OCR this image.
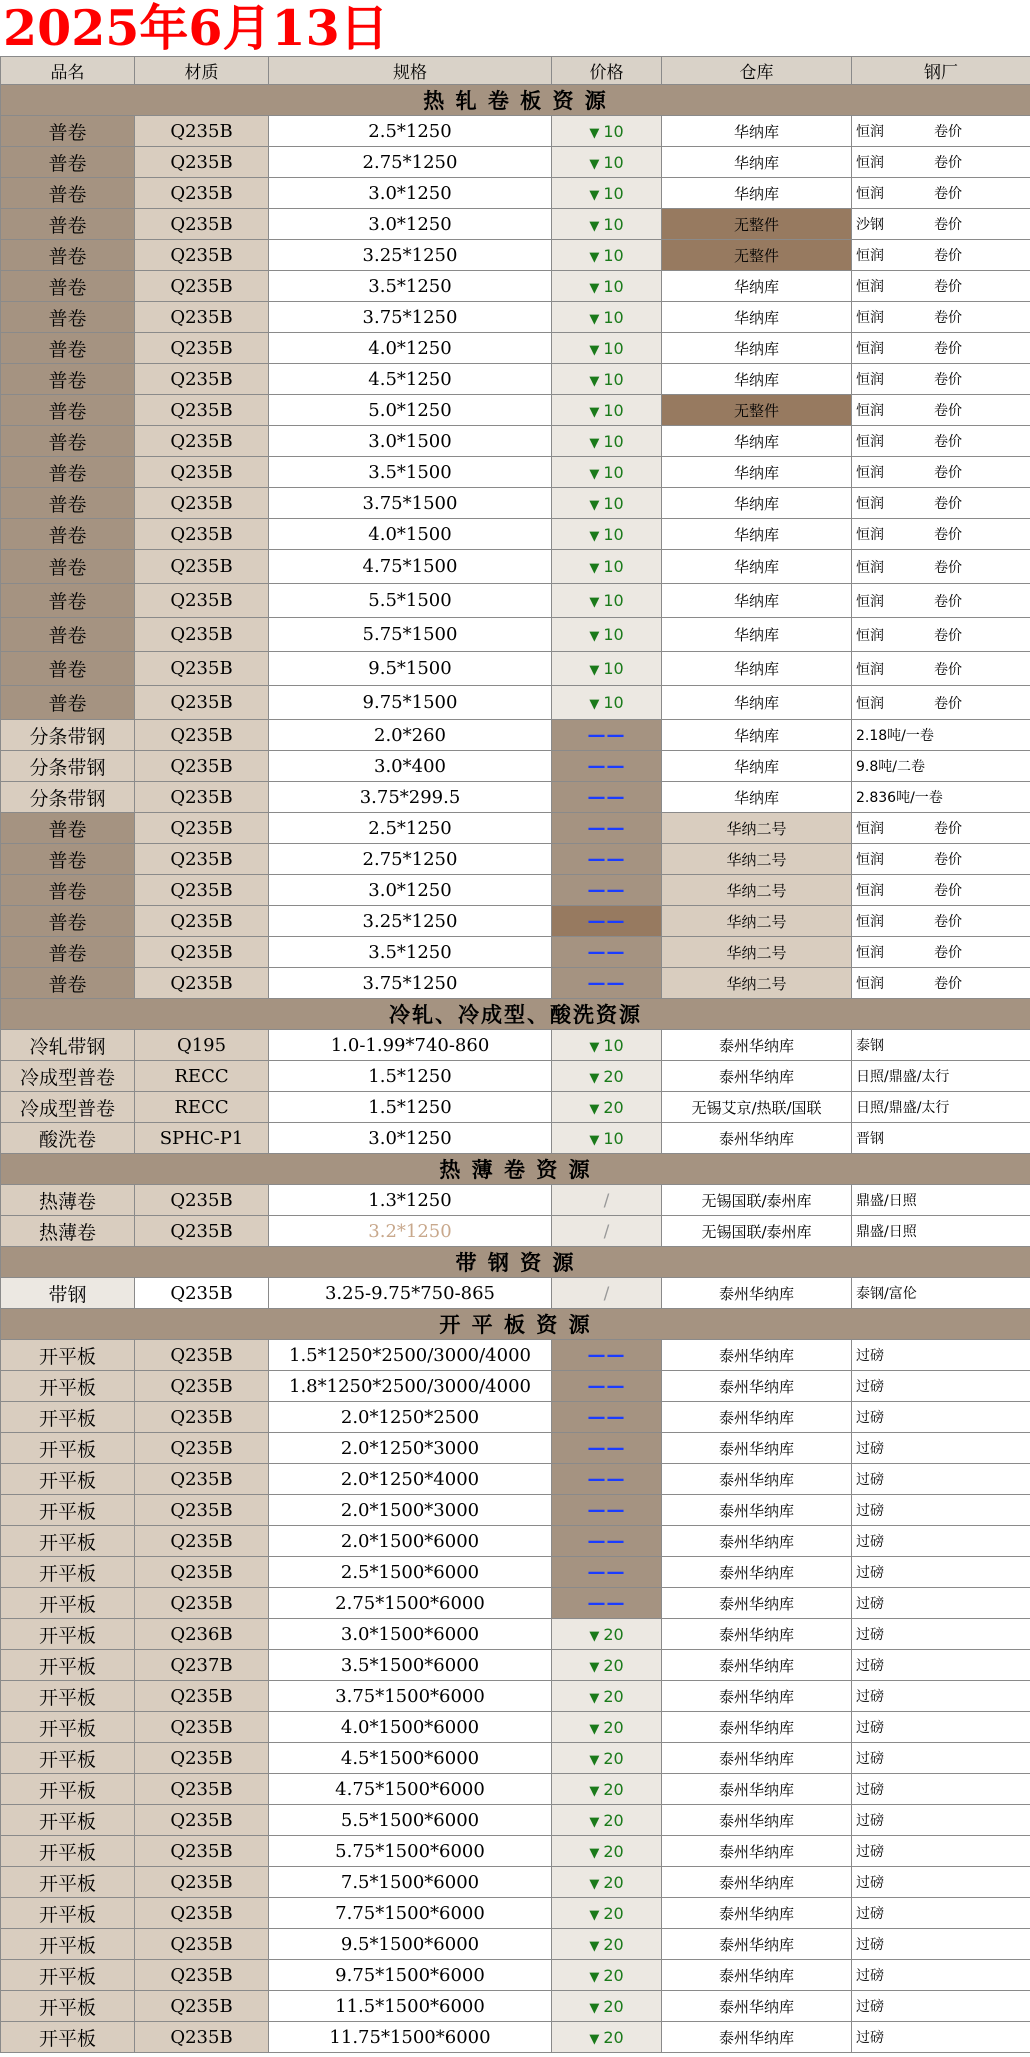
2025年6月13日
品名	材质	规格	价格	仓库	钢厂
热 轧 卷 板 资 源					
普卷	Q235B	2.5*1250	▼ 10	华纳库	恒润 卷价
普卷	Q235B	2.75*1250	▼ 10	华纳库	恒润 卷价
普卷	Q235B	3.0*1250	▼ 10	华纳库	恒润 卷价
普卷	Q235B	3.0*1250	▼ 10	无整件	沙钢 卷价
普卷	Q235B	3.25*1250	▼ 10	无整件	恒润 卷价
普卷	Q235B	3.5*1250	▼ 10	华纳库	恒润 卷价
普卷	Q235B	3.75*1250	▼ 10	华纳库	恒润 卷价
普卷	Q235B	4.0*1250	▼ 10	华纳库	恒润 卷价
普卷	Q235B	4.5*1250	▼ 10	华纳库	恒润 卷价
普卷	Q235B	5.0*1250	▼ 10	无整件	恒润 卷价
普卷	Q235B	3.0*1500	▼ 10	华纳库	恒润 卷价
普卷	Q235B	3.5*1500	▼ 10	华纳库	恒润 卷价
普卷	Q235B	3.75*1500	▼ 10	华纳库	恒润 卷价
普卷	Q235B	4.0*1500	▼ 10	华纳库	恒润 卷价
普卷	Q235B	4.75*1500	▼ 10	华纳库	恒润 卷价
普卷	Q235B	5.5*1500	▼ 10	华纳库	恒润 卷价
普卷	Q235B	5.75*1500	▼ 10	华纳库	恒润 卷价
普卷	Q235B	9.5*1500	▼ 10	华纳库	恒润 卷价
普卷	Q235B	9.75*1500	▼ 10	华纳库	恒润 卷价
分条带钢	Q235B	2.0*260	——	华纳库	2.18吨/一卷
分条带钢	Q235B	3.0*400	——	华纳库	9.8吨/二卷
分条带钢	Q235B	3.75*299.5	——	华纳库	2.836吨/一卷
普卷	Q235B	2.5*1250	——	华纳二号	恒润 卷价
普卷	Q235B	2.75*1250	——	华纳二号	恒润 卷价
普卷	Q235B	3.0*1250	——	华纳二号	恒润 卷价
普卷	Q235B	3.25*1250	——	华纳二号	恒润 卷价
普卷	Q235B	3.5*1250	——	华纳二号	恒润 卷价
普卷	Q235B	3.75*1250	——	华纳二号	恒润 卷价
冷轧、冷成型、酸洗资源					
冷轧带钢	Q195	1.0-1.99*740-860	▼ 10	泰州华纳库	泰钢
冷成型普卷	RECC	1.5*1250	▼ 20	泰州华纳库	日照/鼎盛/太行
冷成型普卷	RECC	1.5*1250	▼ 20	无锡艾京/热联/国联	日照/鼎盛/太行
酸洗卷	SPHC-P1	3.0*1250	▼ 10	泰州华纳库	晋钢
热 薄 卷 资 源					
热薄卷	Q235B	1.3*1250	/	无锡国联/泰州库	鼎盛/日照
热薄卷	Q235B	3.2*1250	/	无锡国联/泰州库	鼎盛/日照
带 钢 资 源					
带钢	Q235B	3.25-9.75*750-865	/	泰州华纳库	泰钢/富伦
开 平 板 资 源					
开平板	Q235B	1.5*1250*2500/3000/4000	——	泰州华纳库	过磅
开平板	Q235B	1.8*1250*2500/3000/4000	——	泰州华纳库	过磅
开平板	Q235B	2.0*1250*2500	——	泰州华纳库	过磅
开平板	Q235B	2.0*1250*3000	——	泰州华纳库	过磅
开平板	Q235B	2.0*1250*4000	——	泰州华纳库	过磅
开平板	Q235B	2.0*1500*3000	——	泰州华纳库	过磅
开平板	Q235B	2.0*1500*6000	——	泰州华纳库	过磅
开平板	Q235B	2.5*1500*6000	——	泰州华纳库	过磅
开平板	Q235B	2.75*1500*6000	——	泰州华纳库	过磅
开平板	Q236B	3.0*1500*6000	▼ 20	泰州华纳库	过磅
开平板	Q237B	3.5*1500*6000	▼ 20	泰州华纳库	过磅
开平板	Q235B	3.75*1500*6000	▼ 20	泰州华纳库	过磅
开平板	Q235B	4.0*1500*6000	▼ 20	泰州华纳库	过磅
开平板	Q235B	4.5*1500*6000	▼ 20	泰州华纳库	过磅
开平板	Q235B	4.75*1500*6000	▼ 20	泰州华纳库	过磅
开平板	Q235B	5.5*1500*6000	▼ 20	泰州华纳库	过磅
开平板	Q235B	5.75*1500*6000	▼ 20	泰州华纳库	过磅
开平板	Q235B	7.5*1500*6000	▼ 20	泰州华纳库	过磅
开平板	Q235B	7.75*1500*6000	▼ 20	泰州华纳库	过磅
开平板	Q235B	9.5*1500*6000	▼ 20	泰州华纳库	过磅
开平板	Q235B	9.75*1500*6000	▼ 20	泰州华纳库	过磅
开平板	Q235B	11.5*1500*6000	▼ 20	泰州华纳库	过磅
开平板	Q235B	11.75*1500*6000	▼ 20	泰州华纳库	过磅
